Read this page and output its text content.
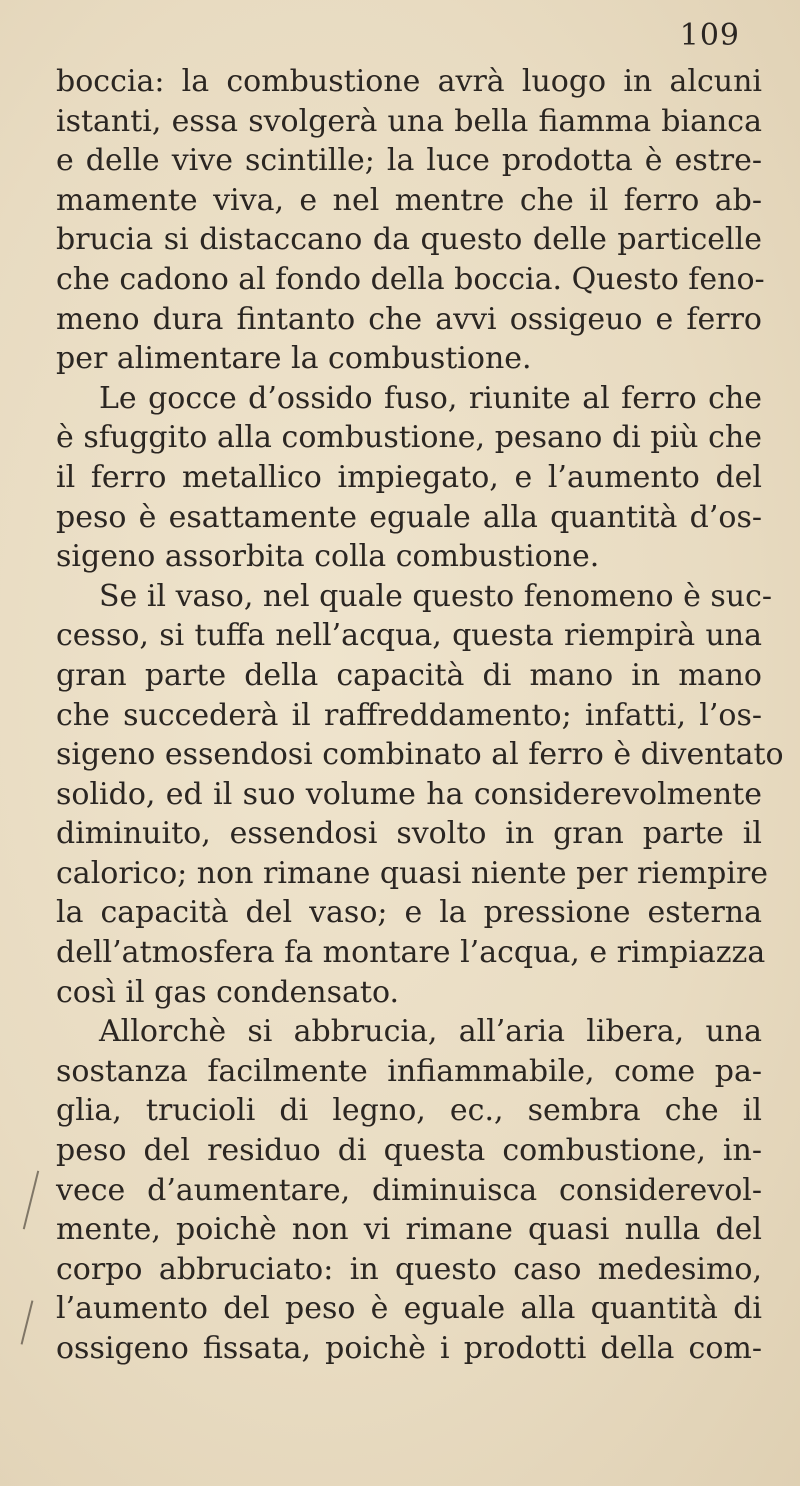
109
boccia: la combustione avrà luogo in alcuni
istanti, essa svolgerà una bella fiamma bianca
e delle vive scintille; la luce prodotta è estre-
mamente viva, e nel mentre che il ferro ab-
brucia si distaccano da questo delle particelle
che cadono al fondo della boccia. Questo feno-
meno dura fintanto che avvi ossigeuo e ferro
per alimentare la combustione.
Le gocce d’ossido fuso, riunite al ferro che
è sfuggito alla combustione, pesano di più che
il ferro metallico impiegato, e l’aumento del
peso è esattamente eguale alla quantità d’os-
sigeno assorbita colla combustione.
Se il vaso, nel quale questo fenomeno è suc-
cesso, si tuffa nell’acqua, questa riempirà una
gran parte della capacità di mano in mano
che succederà il raffreddamento; infatti, l’os-
sigeno essendosi combinato al ferro è diventato
solido, ed il suo volume ha considerevolmente
diminuito, essendosi svolto in gran parte il
calorico; non rimane quasi niente per riempire
la capacità del vaso; e la pressione esterna
dell’atmosfera fa montare l’acqua, e rimpiazza
così il gas condensato.
Allorchè si abbrucia, all’aria libera, una
sostanza facilmente infiammabile, come pa-
glia, trucioli di legno, ec., sembra che il
peso del residuo di questa combustione, in-
vece d’aumentare, diminuisca considerevol-
mente, poichè non vi rimane quasi nulla del
corpo abbruciato: in questo caso medesimo,
l’aumento del peso è eguale alla quantità di
ossigeno fissata, poichè i prodotti della com-
